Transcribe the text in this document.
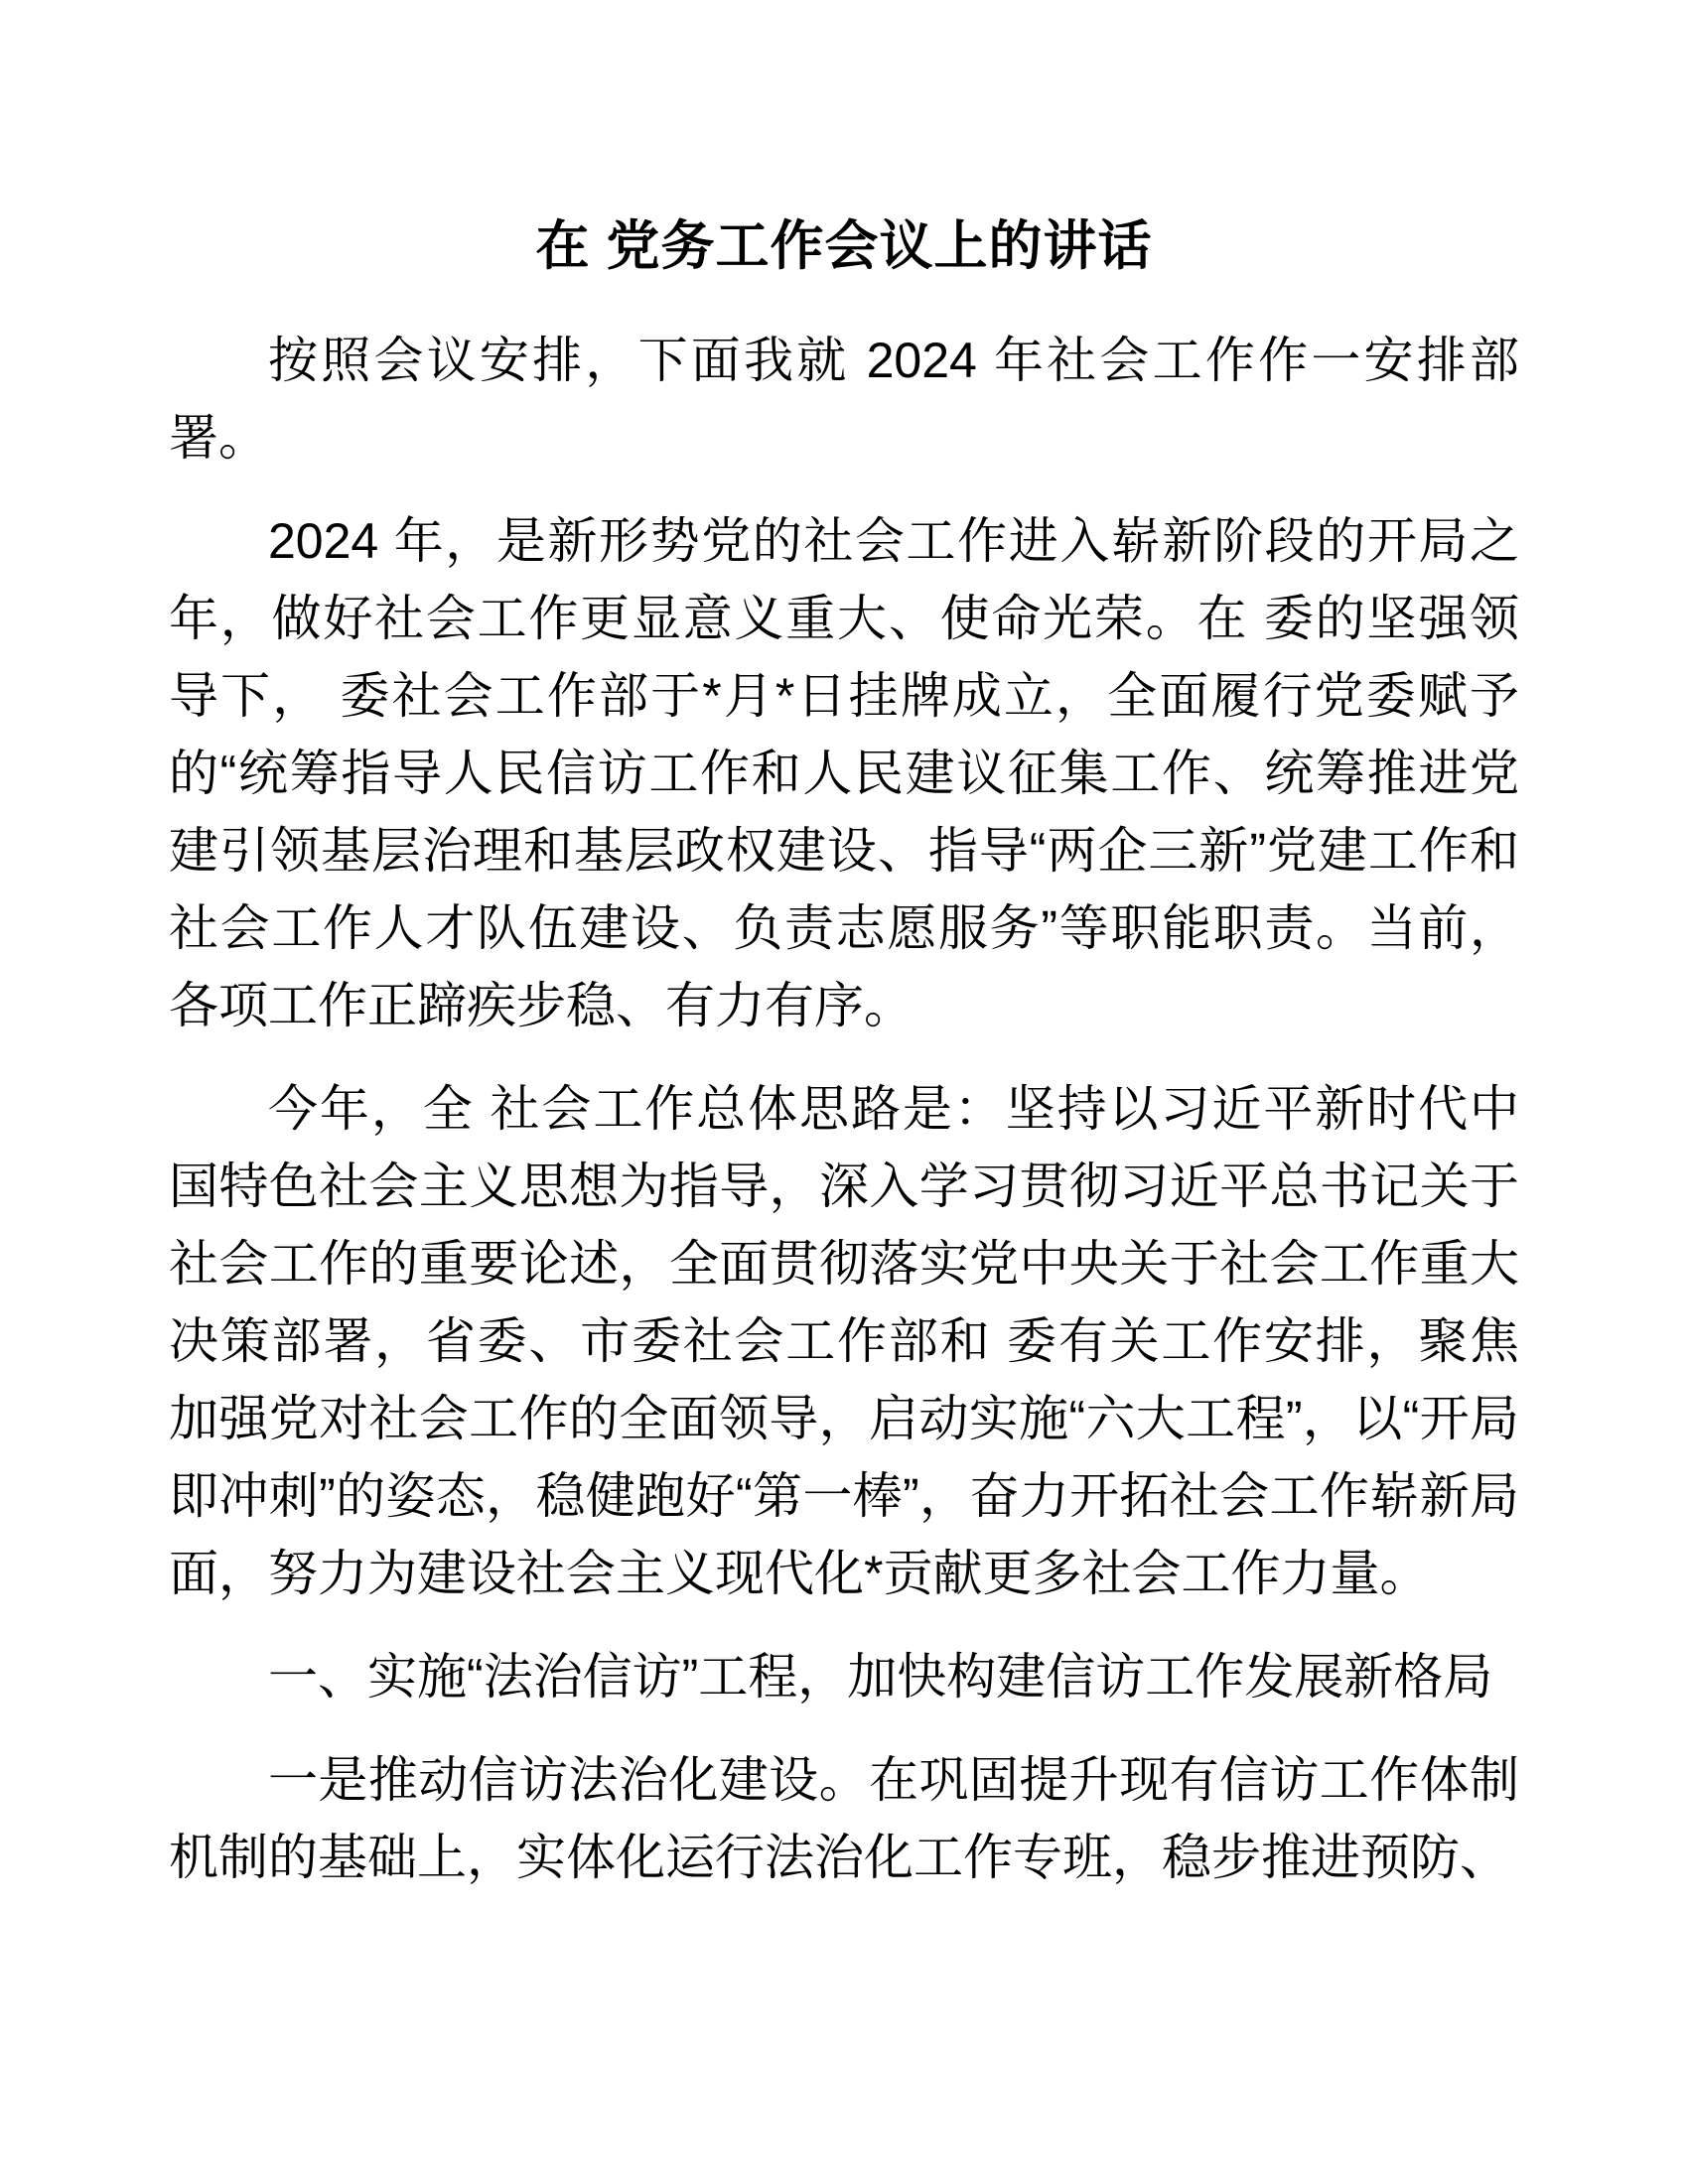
在 党务工作会议上的讲话

按照会议安排，下面我就 2024 年社会工作作一安排部署。

2024 年，是新形势党的社会工作进入崭新阶段的开局之年，做好社会工作更显意义重大、使命光荣。在 委的坚强领导下， 委社会工作部于*月*日挂牌成立，全面履行党委赋予的“统筹指导人民信访工作和人民建议征集工作、统筹推进党建引领基层治理和基层政权建设、指导“两企三新”党建工作和社会工作人才队伍建设、负责志愿服务”等职能职责。当前，各项工作正蹄疾步稳、有力有序。

今年，全 社会工作总体思路是：坚持以习近平新时代中国特色社会主义思想为指导，深入学习贯彻习近平总书记关于社会工作的重要论述，全面贯彻落实党中央关于社会工作重大决策部署，省委、市委社会工作部和 委有关工作安排，聚焦加强党对社会工作的全面领导，启动实施“六大工程”，以“开局即冲刺”的姿态，稳健跑好“第一棒”，奋力开拓社会工作崭新局面，努力为建设社会主义现代化*贡献更多社会工作力量。

一、实施“法治信访”工程，加快构建信访工作发展新格局

一是推动信访法治化建设。在巩固提升现有信访工作体制机制的基础上，实体化运行法治化工作专班，稳步推进预防、
